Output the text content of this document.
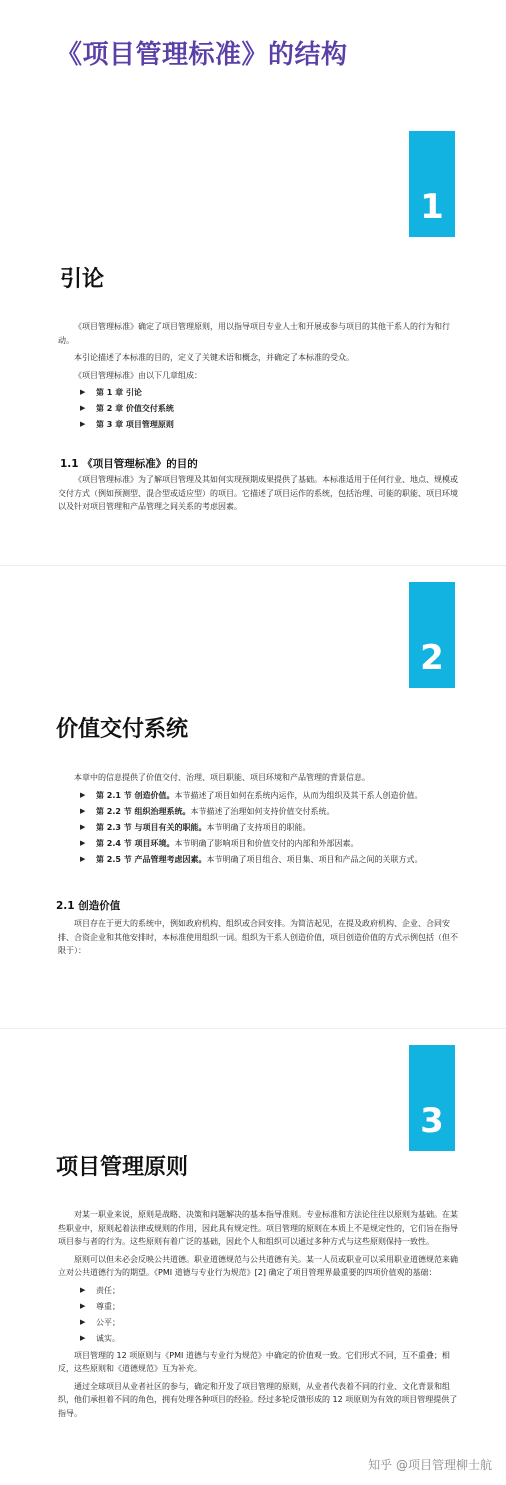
《项目管理标准》的结构
1
引论

《项目管理标准》确定了项目管理原则，用以指导项目专业人士和开展或参与项目的其他干系人的行为和行动。

本引论描述了本标准的目的，定义了关键术语和概念，并确定了本标准的受众。

《项目管理标准》由以下几章组成：

▶	第 1 章 引论
▶	第 2 章 价值交付系统
▶	第 3 章 项目管理原则
1.1 《项目管理标准》的目的

《项目管理标准》为了解项目管理及其如何实现预期成果提供了基础。本标准适用于任何行业、地点、规模或交付方式（例如预测型、混合型或适应型）的项目。它描述了项目运作的系统，包括治理、可能的职能、项目环境以及针对项目管理和产品管理之间关系的考虑因素。

2
价值交付系统

本章中的信息提供了价值交付、治理、项目职能、项目环境和产品管理的背景信息。

▶	第 2.1 节 创造价值。本节描述了项目如何在系统内运作，从而为组织及其干系人创造价值。
▶	第 2.2 节 组织治理系统。本节描述了治理如何支持价值交付系统。
▶	第 2.3 节 与项目有关的职能。本节明确了支持项目的职能。
▶	第 2.4 节 项目环境。本节明确了影响项目和价值交付的内部和外部因素。
▶	第 2.5 节 产品管理考虑因素。本节明确了项目组合、项目集、项目和产品之间的关联方式。
2.1 创造价值

项目存在于更大的系统中，例如政府机构、组织或合同安排。为简洁起见，在提及政府机构、企业、合同安排、合资企业和其他安排时，本标准使用组织一词。组织为干系人创造价值，项目创造价值的方式示例包括（但不限于）：

3
项目管理原则

对某一职业来说，原则是战略、决策和问题解决的基本指导准则。专业标准和方法论往往以原则为基础。在某些职业中，原则起着法律或规则的作用，因此具有规定性。项目管理的原则在本质上不是规定性的，它们旨在指导项目参与者的行为。这些原则有着广泛的基础，因此个人和组织可以通过多种方式与这些原则保持一致性。

原则可以但未必会反映公共道德。职业道德规范与公共道德有关。某一人员或职业可以采用职业道德规范来确立对公共道德行为的期望。《PMI 道德与专业行为规范》[2] 确定了项目管理界最重要的四项价值观的基础：

▶	责任；
▶	尊重；
▶	公平；
▶	诚实。

项目管理的 12 项原则与《PMI 道德与专业行为规范》中确定的价值观一致。它们形式不同，互不重叠；相反，这些原则和《道德规范》互为补充。

通过全球项目从业者社区的参与，确定和开发了项目管理的原则，从业者代表着不同的行业、文化背景和组织，他们承担着不同的角色，拥有处理各种项目的经验。经过多轮反馈形成的 12 项原则为有效的项目管理提供了指导。

知乎 @项目管理柳士航
